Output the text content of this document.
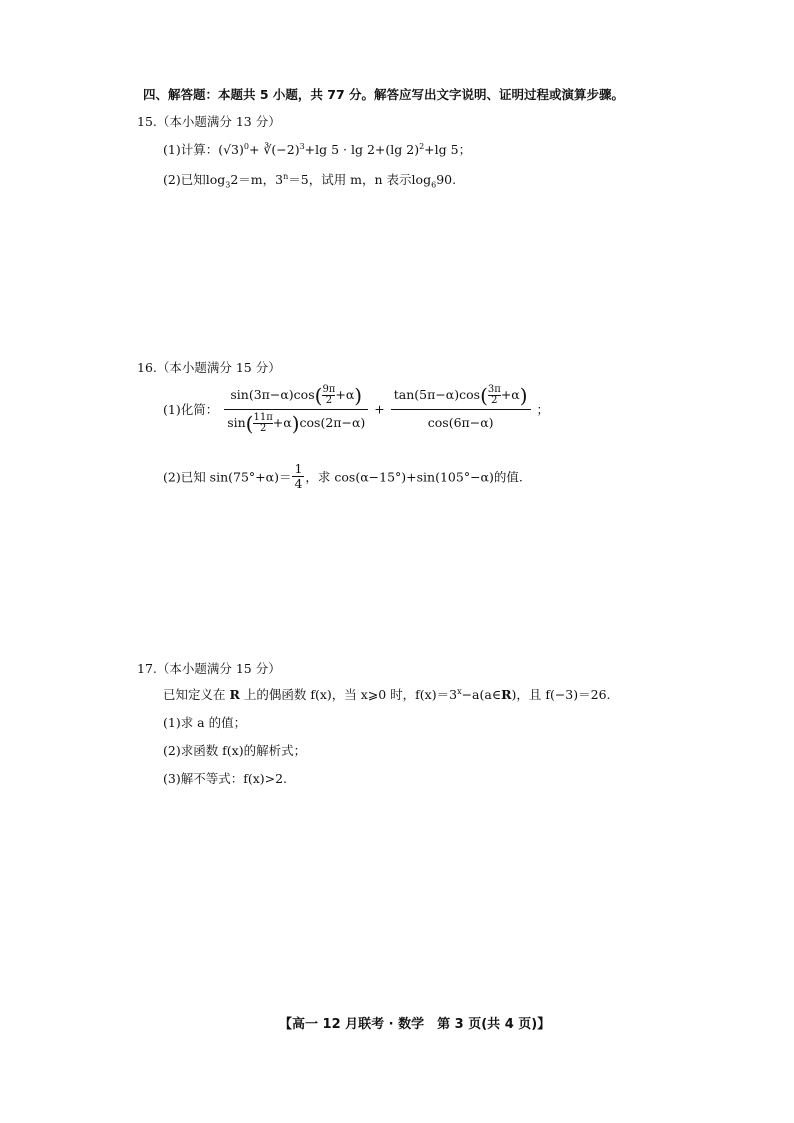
四、解答题：本题共 5 小题，共 77 分。解答应写出文字说明、证明过程或演算步骤。
15.（本小题满分 13 分）
(1)计算：$(√3)^0+$ $∛(-2)^3+\lg$ 5 · lg 2+(lg 2)$^2$+lg 5；
(2)已知$\log_32=m$，$3^n=5$，试用 m，n 表示$\log_690$.
16.（本小题满分 15 分）
(1)化简： $\frac{\sin(3\pi-\alpha)\cos( \frac{9\pi}{2} +\alpha)}{\sin( \frac{11\pi}{2} +\alpha)\cos(2\pi-\alpha)} + \frac{\tan(5\pi-\alpha)\cos( \frac{3\pi}{2} +\alpha)}{\cos(6\pi-\alpha)}$ ；
(2)已知 $\sin(75^\circ+\alpha)= \frac{1}{4}$ ，求 cos(α−15°)+sin(105°−α)的值.
17.（本小题满分 15 分）
已知定义在 R 上的偶函数 f(x)，当 x⩾0 时，$f(x)=3^x-a(a\in R)$，且 f(−3)＝26.
(1)求 a 的值；
(2)求函数 f(x)的解析式；
(3)解不等式：f(x)>2.
【高一 12 月联考 · 数学　第 3 页(共 4 页)】
